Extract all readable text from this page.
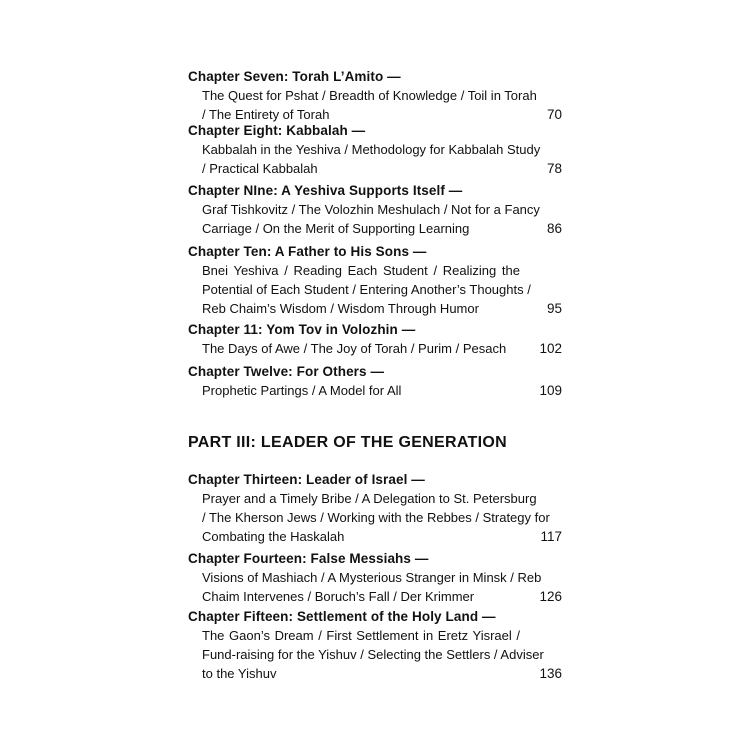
Chapter Seven: Torah L’Amito —
The Quest for Pshat / Breadth of Knowledge / Toil in Torah
/ The Entirety of Torah	70
Chapter Eight: Kabbalah —
Kabbalah in the Yeshiva / Methodology for Kabbalah Study
/ Practical Kabbalah	78
Chapter NIne: A Yeshiva Supports Itself —
Graf Tishkovitz / The Volozhin Meshulach / Not for a Fancy
Carriage / On the Merit of Supporting Learning	86
Chapter Ten: A Father to His Sons —
Bnei Yeshiva / Reading Each Student / Realizing the
Potential of Each Student / Entering Another’s Thoughts /
Reb Chaim’s Wisdom / Wisdom Through Humor	95
Chapter 11: Yom Tov in Volozhin —
The Days of Awe / The Joy of Torah / Purim / Pesach	102
Chapter Twelve: For Others —
Prophetic Partings / A Model for All	109
PART III: LEADER OF THE GENERATION
Chapter Thirteen: Leader of Israel —
Prayer and a Timely Bribe / A Delegation to St. Petersburg
/ The Kherson Jews / Working with the Rebbes / Strategy for
Combating the Haskalah	117
Chapter Fourteen: False Messiahs —
Visions of Mashiach / A Mysterious Stranger in Minsk / Reb
Chaim Intervenes / Boruch’s Fall / Der Krimmer	126
Chapter Fifteen: Settlement of the Holy Land —
The Gaon’s Dream / First Settlement in Eretz Yisrael /
Fund-raising for the Yishuv / Selecting the Settlers / Adviser
to the Yishuv	136
